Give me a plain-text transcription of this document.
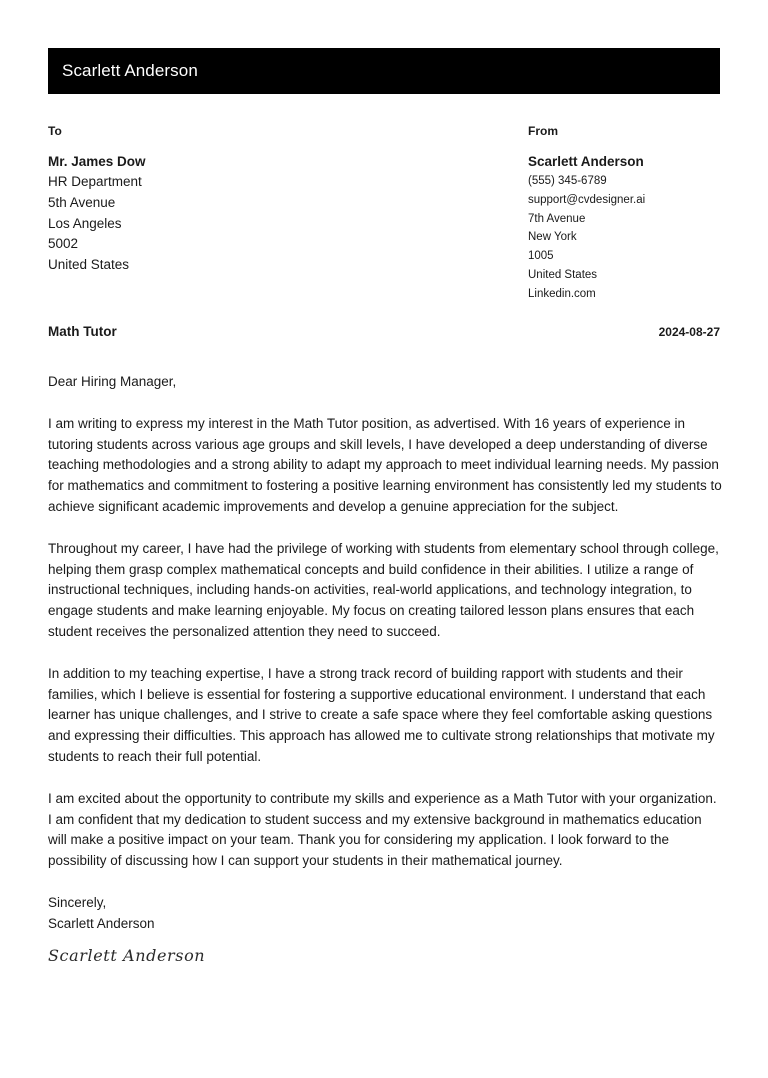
Scarlett Anderson
To
Mr. James Dow
HR Department
5th Avenue
Los Angeles
5002
United States
From
Scarlett Anderson
(555) 345-6789
support@cvdesigner.ai
7th Avenue
New York
1005
United States
Linkedin.com
Math Tutor	2024-08-27

Dear Hiring Manager,

I am writing to express my interest in the Math Tutor position, as advertised. With 16 years of experience in tutoring students across various age groups and skill levels, I have developed a deep understanding of diverse teaching methodologies and a strong ability to adapt my approach to meet individual learning needs. My passion for mathematics and commitment to fostering a positive learning environment has consistently led my students to achieve significant academic improvements and develop a genuine appreciation for the subject.

Throughout my career, I have had the privilege of working with students from elementary school through college, helping them grasp complex mathematical concepts and build confidence in their abilities. I utilize a range of instructional techniques, including hands-on activities, real-world applications, and technology integration, to engage students and make learning enjoyable. My focus on creating tailored lesson plans ensures that each student receives the personalized attention they need to succeed.

In addition to my teaching expertise, I have a strong track record of building rapport with students and their families, which I believe is essential for fostering a supportive educational environment. I understand that each learner has unique challenges, and I strive to create a safe space where they feel comfortable asking questions and expressing their difficulties. This approach has allowed me to cultivate strong relationships that motivate my students to reach their full potential.

I am excited about the opportunity to contribute my skills and experience as a Math Tutor with your organization. I am confident that my dedication to student success and my extensive background in mathematics education will make a positive impact on your team. Thank you for considering my application. I look forward to the possibility of discussing how I can support your students in their mathematical journey.

Sincerely,
Scarlett Anderson
Scarlett Anderson
